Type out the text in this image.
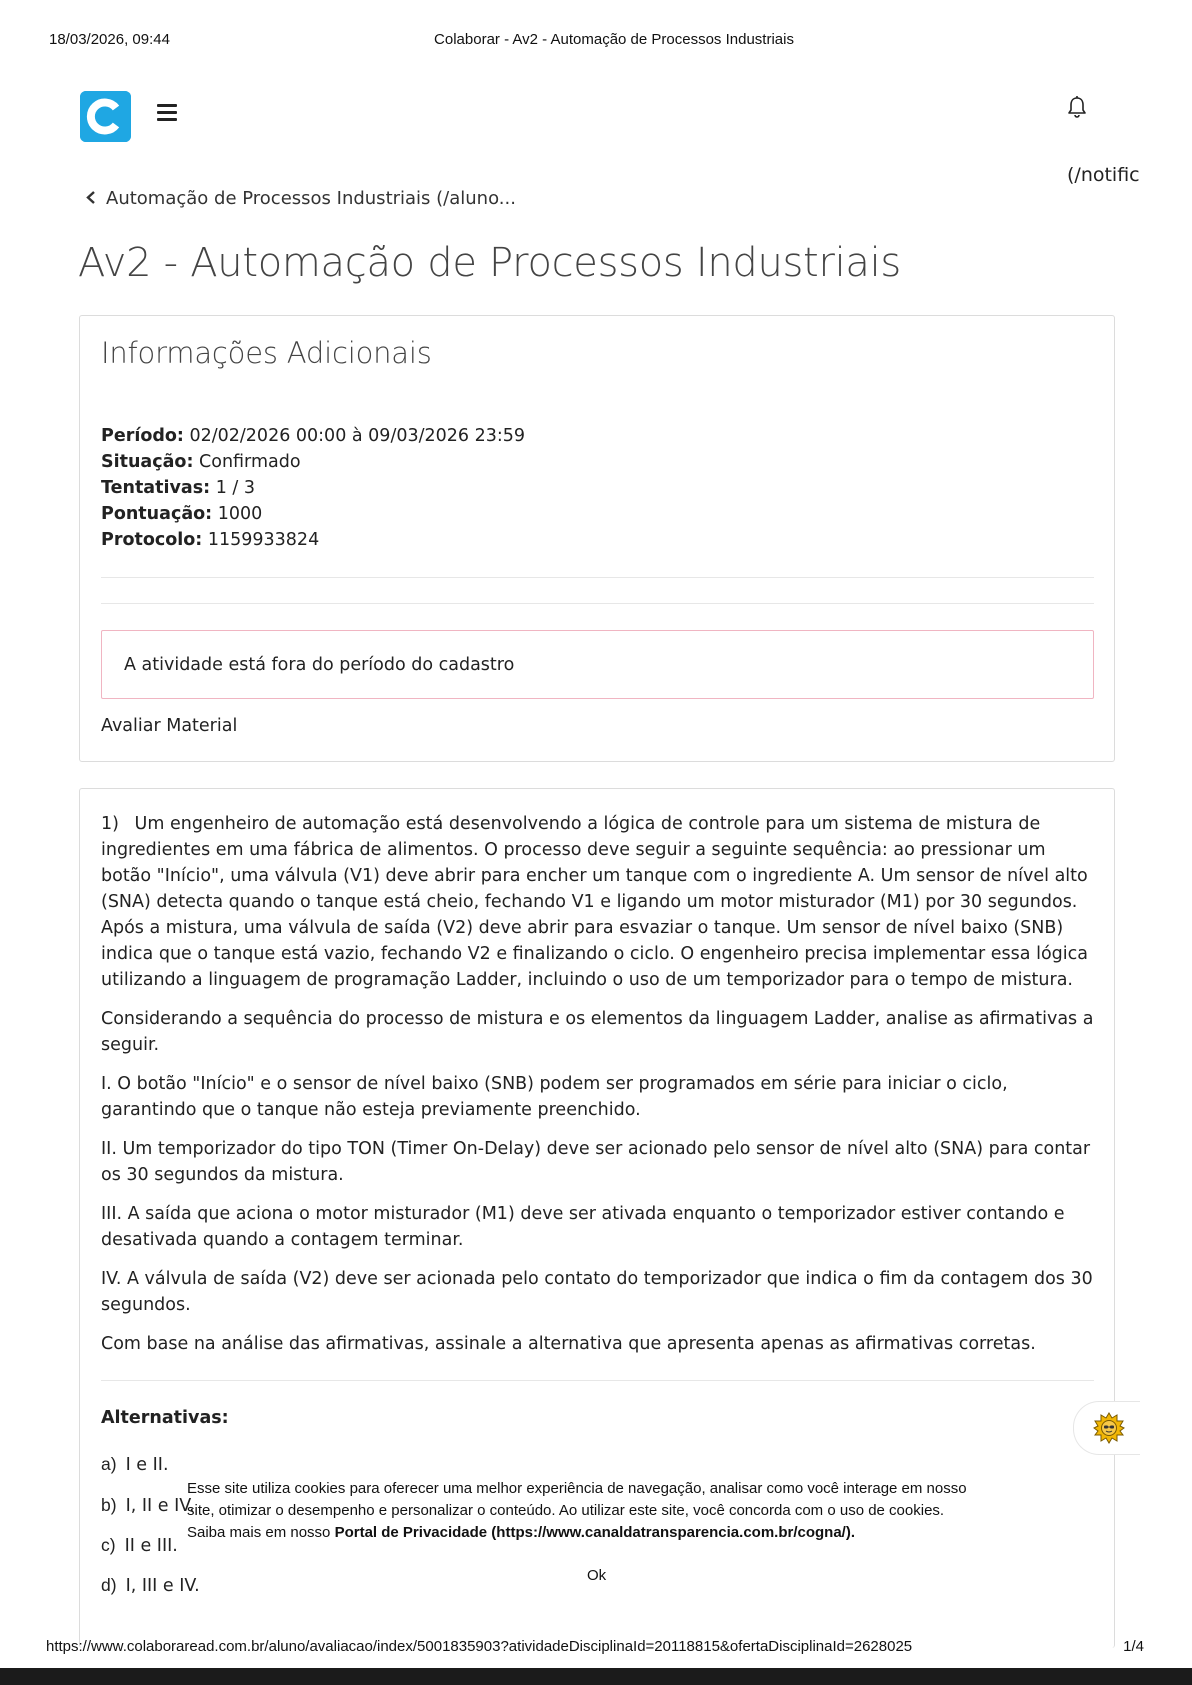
18/03/2026, 09:44	Colaborar - Av2 - Automação de Processos Industriais
(/notific
Automação de Processos Industriais (/aluno...
Av2 - Automação de Processos Industriais
Informações Adicionais
Período: 02/02/2026 00:00 à 09/03/2026 23:59
Situação: Confirmado
Tentativas: 1 / 3
Pontuação: 1000
Protocolo: 1159933824
A atividade está fora do período do cadastro
Avaliar Material

1) Um engenheiro de automação está desenvolvendo a lógica de controle para um sistema de mistura de ingredientes em uma fábrica de alimentos. O processo deve seguir a seguinte sequência: ao pressionar um botão "Início", uma válvula (V1) deve abrir para encher um tanque com o ingrediente A. Um sensor de nível alto (SNA) detecta quando o tanque está cheio, fechando V1 e ligando um motor misturador (M1) por 30 segundos. Após a mistura, uma válvula de saída (V2) deve abrir para esvaziar o tanque. Um sensor de nível baixo (SNB) indica que o tanque está vazio, fechando V2 e finalizando o ciclo. O engenheiro precisa implementar essa lógica utilizando a linguagem de programação Ladder, incluindo o uso de um temporizador para o tempo de mistura.

Considerando a sequência do processo de mistura e os elementos da linguagem Ladder, analise as afirmativas a seguir.

I. O botão "Início" e o sensor de nível baixo (SNB) podem ser programados em série para iniciar o ciclo, garantindo que o tanque não esteja previamente preenchido.

II. Um temporizador do tipo TON (Timer On-Delay) deve ser acionado pelo sensor de nível alto (SNA) para contar os 30 segundos da mistura.

III. A saída que aciona o motor misturador (M1) deve ser ativada enquanto o temporizador estiver contando e desativada quando a contagem terminar.

IV. A válvula de saída (V2) deve ser acionada pelo contato do temporizador que indica o fim da contagem dos 30 segundos.

Com base na análise das afirmativas, assinale a alternativa que apresenta apenas as afirmativas corretas.

Alternativas:
a) I e II.
b) I, II e IV.
c) II e III.
d) I, III e IV.
Esse site utiliza cookies para oferecer uma melhor experiência de navegação, analisar como você interage em nosso
site, otimizar o desempenho e personalizar o conteúdo. Ao utilizar este site, você concorda com o uso de cookies.
Saiba mais em nosso Portal de Privacidade (https://www.canaldatransparencia.com.br/cogna/).
Ok
https://www.colaboraread.com.br/aluno/avaliacao/index/5001835903?atividadeDisciplinaId=20118815&ofertaDisciplinaId=2628025	1/4
